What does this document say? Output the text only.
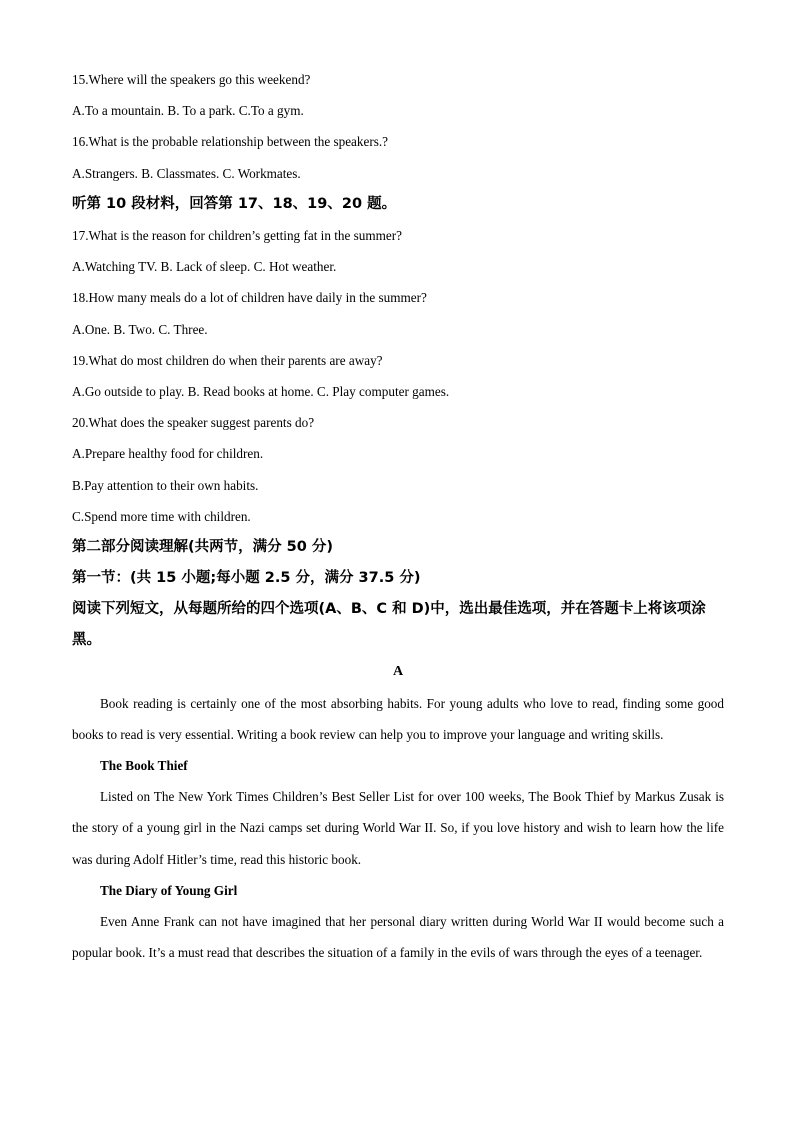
15.Where will the speakers go this weekend?

A.To a mountain. B. To a park. C.To a gym.

16.What is the probable relationship between the speakers.?

A.Strangers. B. Classmates. C. Workmates.

听第 10 段材料，回答第 17、18、19、20 题。

17.What is the reason for children’s getting fat in the summer?

A.Watching TV. B. Lack of sleep. C. Hot weather.

18.How many meals do a lot of children have daily in the summer?

A.One. B. Two. C. Three.

19.What do most children do when their parents are away?

A.Go outside to play. B. Read books at home. C. Play computer games.

20.What does the speaker suggest parents do?

A.Prepare healthy food for children.

B.Pay attention to their own habits.

C.Spend more time with children.

第二部分阅读理解(共两节，满分 50 分)

第一节：(共 15 小题;每小题 2.5 分，满分 37.5 分)

阅读下列短文，从每题所给的四个选项(A、B、C 和 D)中，选出最佳选项，并在答题卡上将该项涂黑。

A

Book reading is certainly one of the most absorbing habits. For young adults who love to read, finding some good books to read is very essential. Writing a book review can help you to improve your language and writing skills.

The Book Thief

Listed on The New York Times Children’s Best Seller List for over 100 weeks, The Book Thief by Markus Zusak is the story of a young girl in the Nazi camps set during World War II. So, if you love history and wish to learn how the life was during Adolf Hitler’s time, read this historic book.

The Diary of Young Girl

Even Anne Frank can not have imagined that her personal diary written during World War II would become such a popular book. It’s a must read that describes the situation of a family in the evils of wars through the eyes of a teenager.
